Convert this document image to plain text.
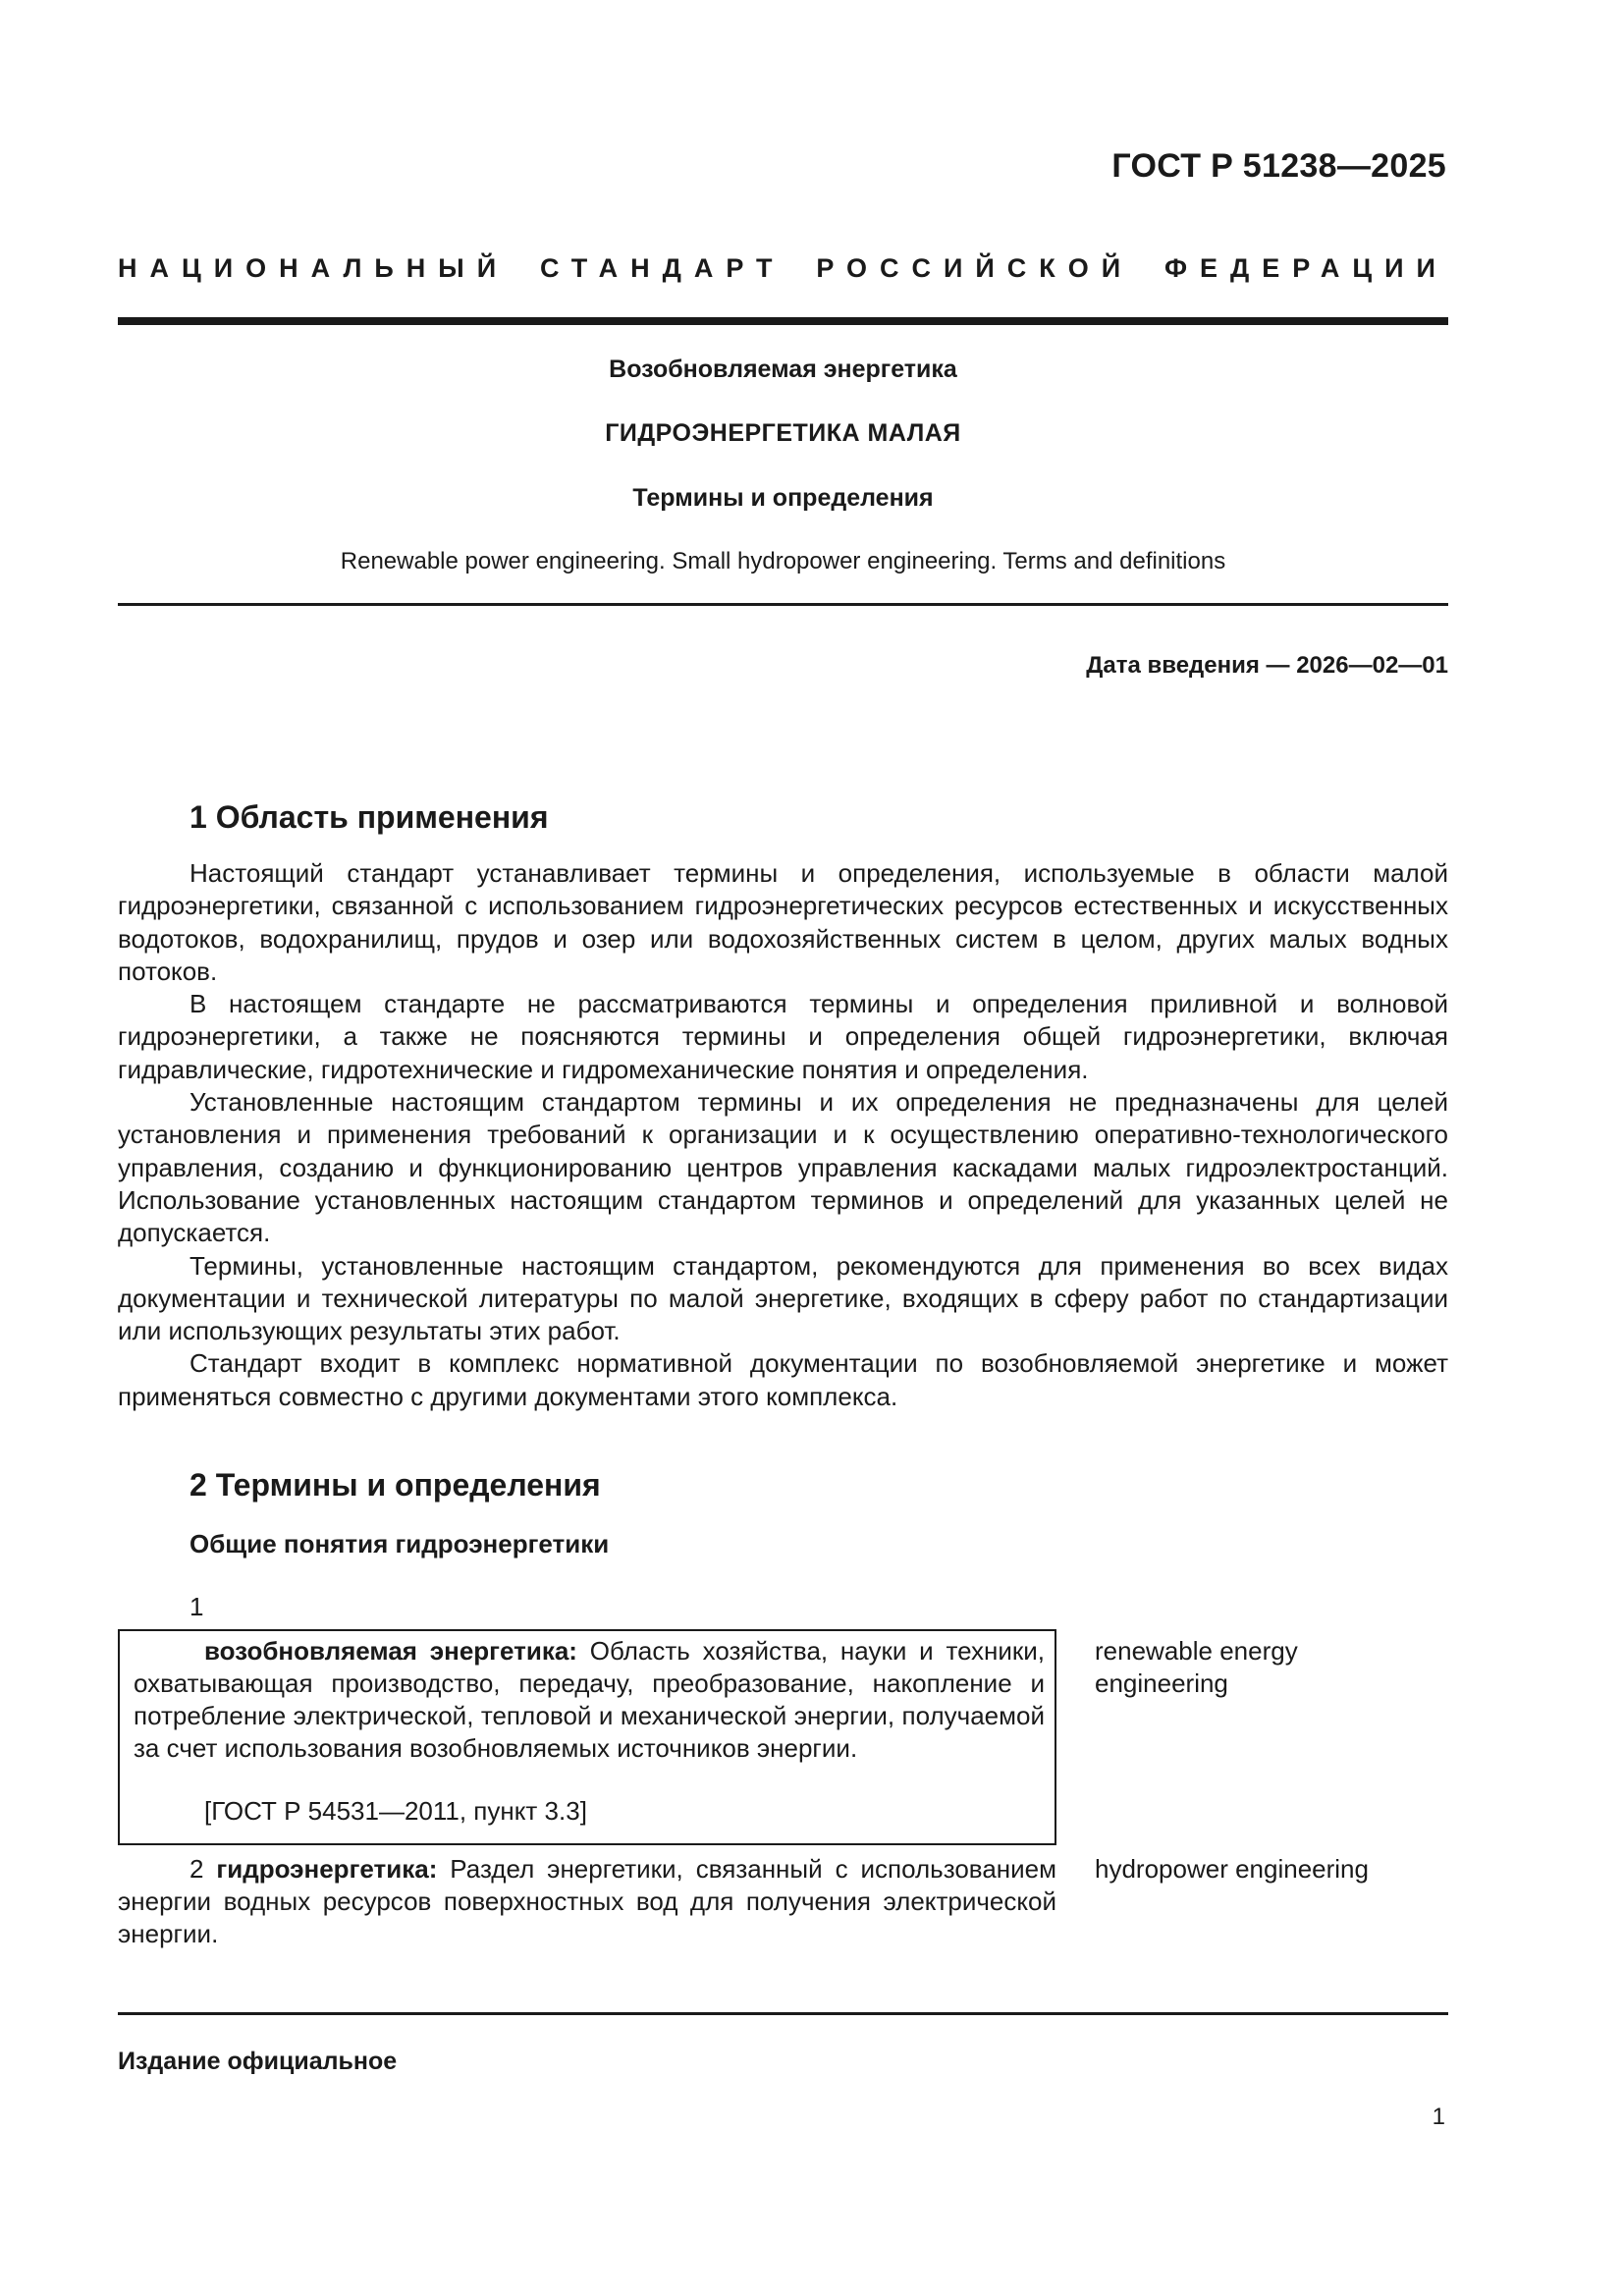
ГОСТ Р 51238—2025
НАЦИОНАЛЬНЫЙ СТАНДАРТ РОССИЙСКОЙ ФЕДЕРАЦИИ
Возобновляемая энергетика
ГИДРОЭНЕРГЕТИКА МАЛАЯ
Термины и определения
Renewable power engineering. Small hydropower engineering. Terms and definitions
Дата введения — 2026—02—01
1 Область применения

Настоящий стандарт устанавливает термины и определения, используемые в области малой гидроэнергетики, связанной с использованием гидроэнергетических ресурсов естественных и искусственных водотоков, водохранилищ, прудов и озер или водохозяйственных систем в целом, других малых водных потоков.

В настоящем стандарте не рассматриваются термины и определения приливной и волновой гидроэнергетики, а также не поясняются термины и определения общей гидроэнергетики, включая гидравлические, гидротехнические и гидромеханические понятия и определения.

Установленные настоящим стандартом термины и их определения не предназначены для целей установления и применения требований к организации и к осуществлению оперативно-технологического управления, созданию и функционированию центров управления каскадами малых гидроэлектростанций. Использование установленных настоящим стандартом терминов и определений для указанных целей не допускается.

Термины, установленные настоящим стандартом, рекомендуются для применения во всех видах документации и технической литературы по малой энергетике, входящих в сферу работ по стандартизации или использующих результаты этих работ.

Стандарт входит в комплекс нормативной документации по возобновляемой энергетике и может применяться совместно с другими документами этого комплекса.

2 Термины и определения
Общие понятия гидроэнергетики
1

возобновляемая энергетика: Область хозяйства, науки и техники, охватывающая производство, передачу, преобразование, накопление и потребление электрической, тепловой и механической энергии, получаемой за счет использования возобновляемых источников энергии.

[ГОСТ Р 54531—2011, пункт 3.3]
renewable energy engineering

2 гидроэнергетика: Раздел энергетики, связанный с использованием энергии водных ресурсов поверхностных вод для получения электрической энергии.

hydropower engineering
Издание официальное
1
